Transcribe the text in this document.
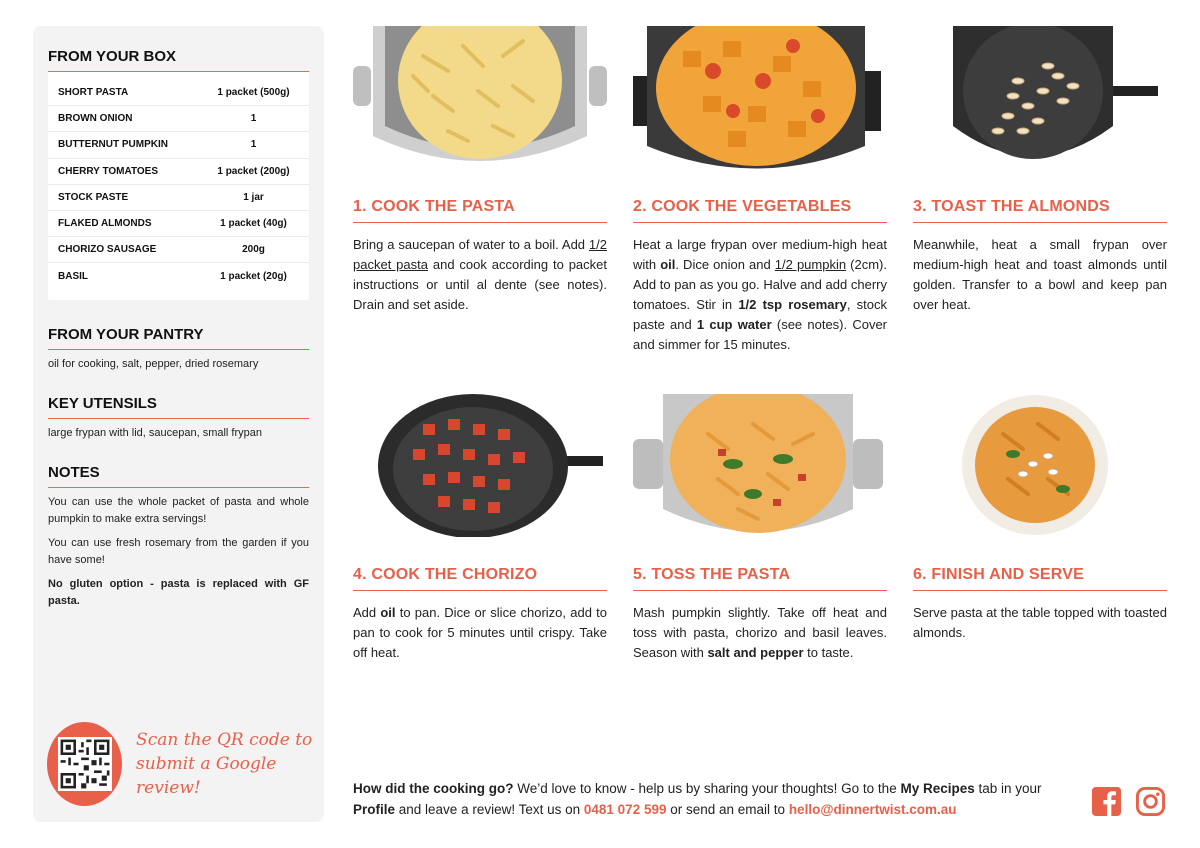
FROM YOUR BOX
SHORT PASTA	1 packet (500g)
BROWN ONION	1
BUTTERNUT PUMPKIN	1
CHERRY TOMATOES	1 packet (200g)
STOCK PASTE	1 jar
FLAKED ALMONDS	1 packet (40g)
CHORIZO SAUSAGE	200g
BASIL	1 packet (20g)
FROM YOUR PANTRY
oil for cooking, salt, pepper, dried rosemary
KEY UTENSILS
large frypan with lid, saucepan, small frypan
NOTES
You can use the whole packet of pasta and whole pumpkin to make extra servings!
You can use fresh rosemary from the garden if you have some!
No gluten option - pasta is replaced with GF pasta.
Scan the QR code to
submit a Google review!
1. COOK THE PASTA
Bring a saucepan of water to a boil. Add 1/2 packet pasta and cook according to packet instructions or until al dente (see notes). Drain and set aside.
2. COOK THE VEGETABLES
Heat a large frypan over medium-high heat with oil. Dice onion and 1/2 pumpkin (2cm). Add to pan as you go. Halve and add cherry tomatoes. Stir in 1/2 tsp rosemary, stock paste and 1 cup water (see notes). Cover and simmer for 15 minutes.
3. TOAST THE ALMONDS
Meanwhile, heat a small frypan over medium-high heat and toast almonds until golden. Transfer to a bowl and keep pan over heat.
4. COOK THE CHORIZO
Add oil to pan. Dice or slice chorizo, add to pan to cook for 5 minutes until crispy. Take off heat.
5. TOSS THE PASTA
Mash pumpkin slightly. Take off heat and toss with pasta, chorizo and basil leaves. Season with salt and pepper to taste.
6. FINISH AND SERVE
Serve pasta at the table topped with toasted almonds.
How did the cooking go? We’d love to know - help us by sharing your thoughts! Go to the My Recipes tab in your Profile and leave a review! Text us on 0481 072 599 or send an email to hello@dinnertwist.com.au
